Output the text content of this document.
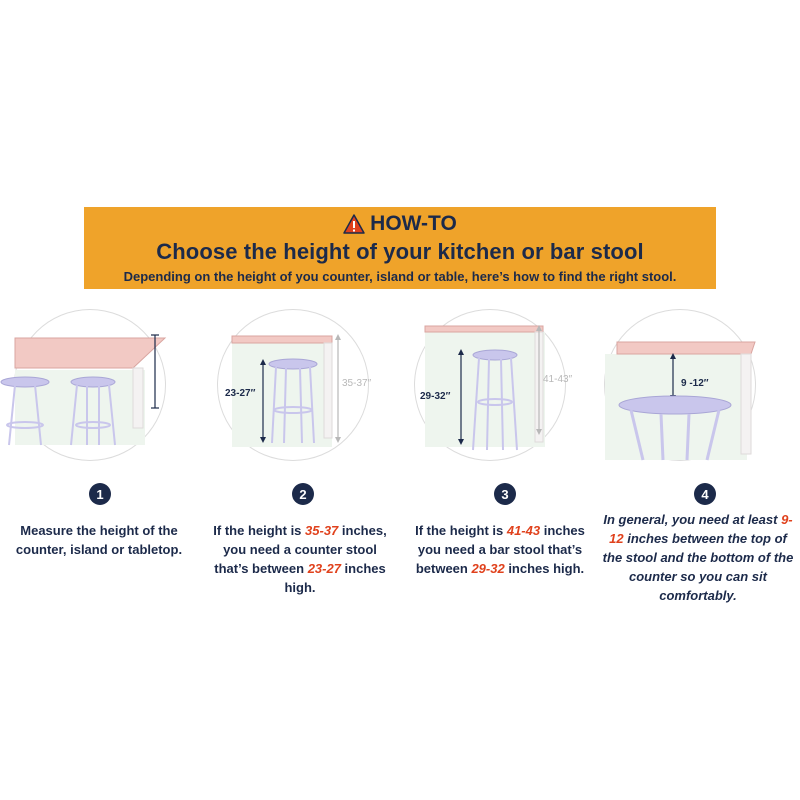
HOW-TO
Choose the height of your kitchen or bar stool
Depending on the height of you counter, island or table, here’s how to find the right stool.
23-27″
35-37″
29-32″
41-43″	9 -12″
1	2	3	4
Measure the height of the counter, island or tabletop.
If the height is 35-37 inches, you need a counter stool that’s between 23-27 inches high.
If the height is 41-43 inches you need a bar stool that’s between 29-32 inches high.
In general, you need at least 9-12 inches between the top of the stool and the bottom of the counter so you can sit comfortably.
